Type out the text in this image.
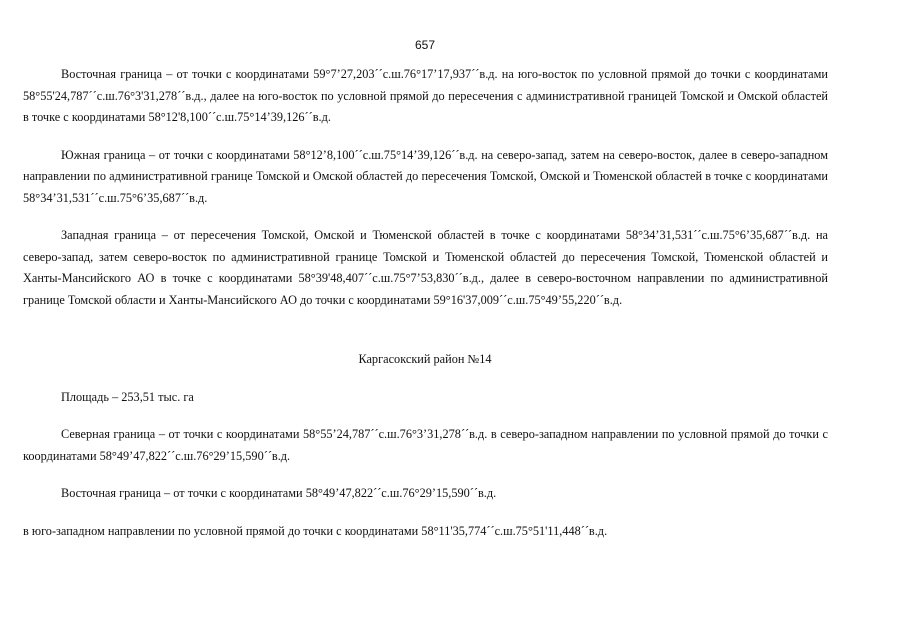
657

Восточная граница – от точки с координатами 59°7’27,203´´с.ш.76°17’17,937´´в.д. на юго-восток по условной прямой до точки с координатами 58°55'24,787´´с.ш.76°3'31,278´´в.д., далее на юго-восток по условной прямой до пересечения с административной границей Томской и Омской областей в точке с координатами 58°12'8,100´´с.ш.75°14’39,126´´в.д.

Южная граница – от точки с координатами 58°12’8,100´´с.ш.75°14’39,126´´в.д. на северо-запад, затем на северо-восток, далее в северо-западном направлении по административной границе Томской и Омской областей до пересечения Томской, Омской и Тюменской областей в точке с координатами 58°34’31,531´´с.ш.75°6’35,687´´в.д.

Западная граница – от пересечения Томской, Омской и Тюменской областей в точке с координатами 58°34’31,531´´с.ш.75°6’35,687´´в.д. на северо-запад, затем северо-восток по административной границе Томской и Тюменской областей до пересечения Томской, Тюменской областей и Ханты-Мансийского АО в точке с координатами 58°39'48,407´´с.ш.75°7’53,830´´в.д., далее в северо-восточном направлении по административной границе Томской области и Ханты-Мансийского АО до точки с координатами 59°16'37,009´´с.ш.75°49’55,220´´в.д.

Каргасокский район №14

Площадь – 253,51 тыс. га

Северная граница – от точки с координатами 58°55’24,787´´с.ш.76°3’31,278´´в.д. в северо-западном направлении по условной прямой до точки с координатами 58°49’47,822´´с.ш.76°29’15,590´´в.д.

Восточная граница – от точки с координатами 58°49’47,822´´с.ш.76°29’15,590´´в.д.

в юго-западном направлении по условной прямой до точки с координатами 58°11'35,774´´с.ш.75°51'11,448´´в.д.
